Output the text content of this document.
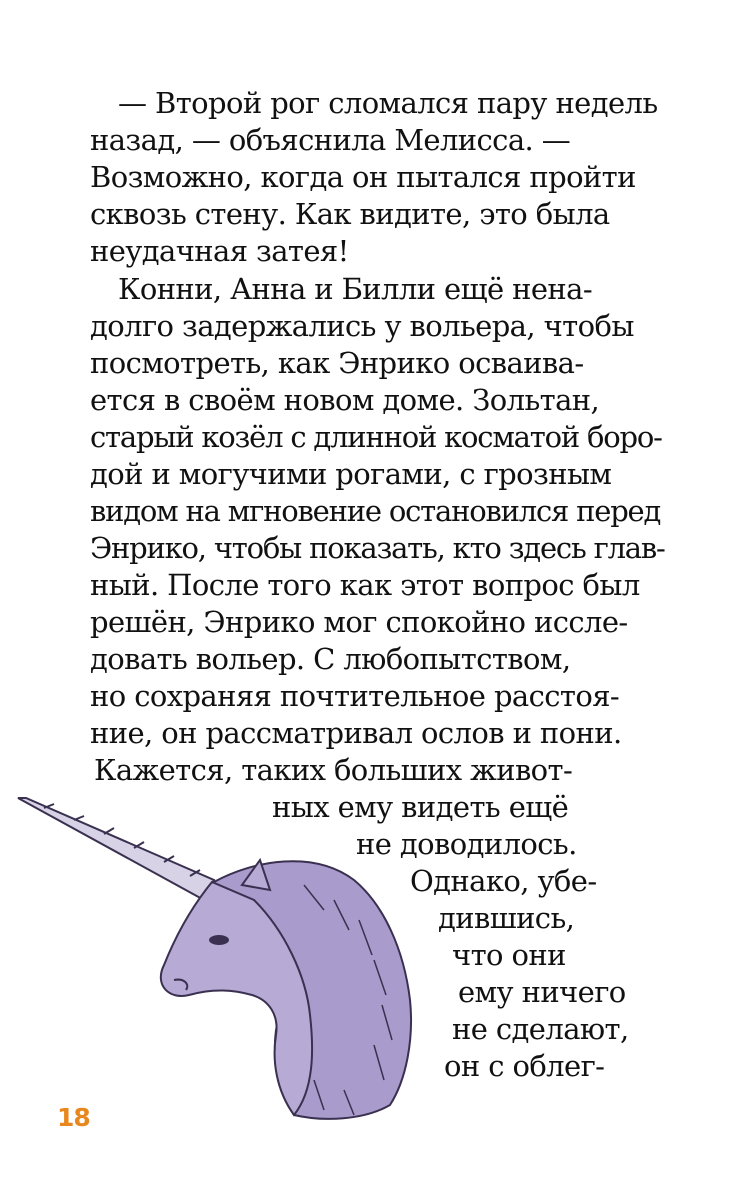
— Второй рог сломался пару недель
назад, — объяснила Мелисса. —
Возможно, когда он пытался пройти
сквозь стену. Как видите, это была
неудачная затея!
Конни, Анна и Билли ещё нена-
долго задержались у вольера, чтобы
посмотреть, как Энрико осваива-
ется в своём новом доме. Зольтан,
старый козёл с длинной косматой боро-
дой и могучими рогами, с грозным
видом на мгновение остановился перед
Энрико, чтобы показать, кто здесь глав-
ный. После того как этот вопрос был
решён, Энрико мог спокойно иссле-
довать вольер. С любопытством,
но сохраняя почтительное расстоя-
ние, он рассматривал ослов и пони.
Кажется, таких больших живот-
ных ему видеть ещё
не доводилось.
Однако, убе-
дившись,
что они
ему ничего
не сделают,
он с облег-
18
